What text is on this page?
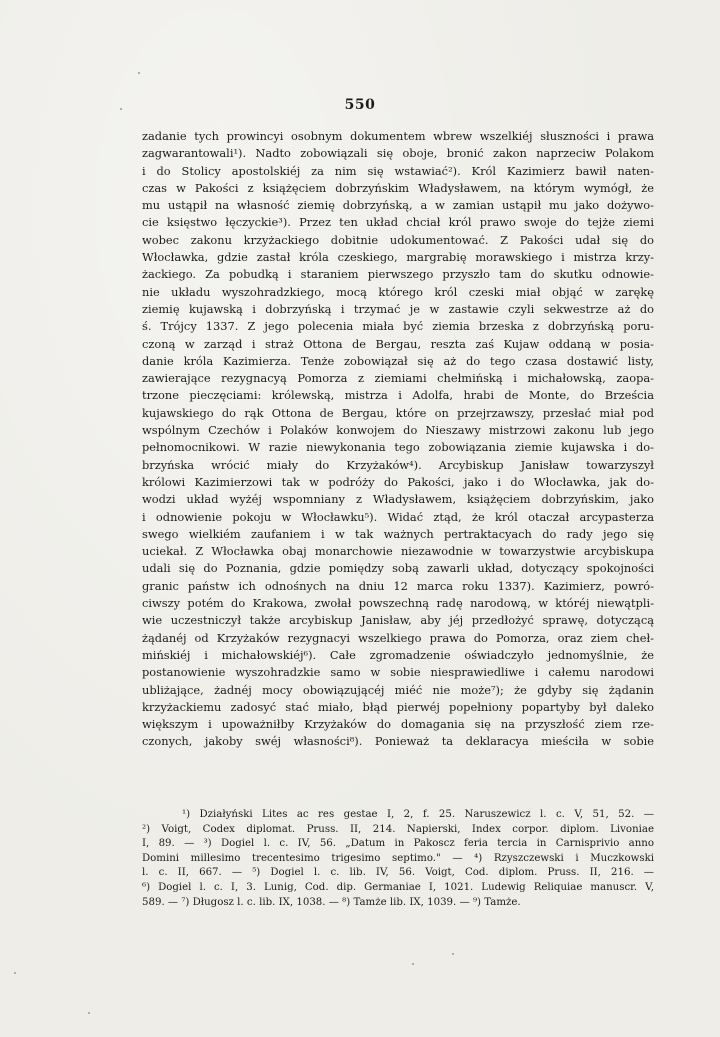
550
zadanie tych prowincyi osobnym dokumentem wbrew wszelkiéj słuszności i prawa
zagwarantowali¹). Nadto zobowiązali się oboje, bronić zakon naprzeciw Polakom
i do Stolicy apostolskiéj za nim się wstawiać²). Król Kazimierz bawił naten-
czas w Pakości z książęciem dobrzyńskim Władysławem, na którym wymógł, że
mu ustąpił na własność ziemię dobrzyńską, a w zamian ustąpił mu jako dożywo-
cie księstwo łęczyckie³). Przez ten układ chciał król prawo swoje do tejże ziemi
wobec zakonu krzyżackiego dobitnie udokumentować. Z Pakości udał się do
Włocławka, gdzie zastał króla czeskiego, margrabię morawskiego i mistrza krzy-
żackiego. Za pobudką i staraniem pierwszego przyszło tam do skutku odnowie-
nie układu wyszohradzkiego, mocą którego król czeski miał objąć w zarękę
ziemię kujawską i dobrzyńską i trzymać je w zastawie czyli sekwestrze aż do
ś. Trójcy 1337. Z jego polecenia miała być ziemia brzeska z dobrzyńską poru-
czoną w zarząd i straż Ottona de Bergau, reszta zaś Kujaw oddaną w posia-
danie króla Kazimierza. Tenże zobowiązał się aż do tego czasa dostawić listy,
zawierające rezygnacyą Pomorza z ziemiami chełmińską i michałowską, zaopa-
trzone pieczęciami: królewską, mistrza i Adolfa, hrabi de Monte, do Brześcia
kujawskiego do rąk Ottona de Bergau, które on przejrzawszy, przesłać miał pod
wspólnym Czechów i Polaków konwojem do Nieszawy mistrzowi zakonu lub jego
pełnomocnikowi. W razie niewykonania tego zobowiązania ziemie kujawska i do-
brzyńska wrócić miały do Krzyżaków⁴). Arcybiskup Janisław towarzyszył
królowi Kazimierzowi tak w podróży do Pakości, jako i do Włocławka, jak do-
wodzi układ wyżéj wspomniany z Władysławem, książęciem dobrzyńskim, jako
i odnowienie pokoju w Włocławku⁵). Widać ztąd, że król otaczał arcypasterza
swego wielkiém zaufaniem i w tak ważnych pertraktacyach do rady jego się
uciekał. Z Włocławka obaj monarchowie niezawodnie w towarzystwie arcybiskupa
udali się do Poznania, gdzie pomiędzy sobą zawarli układ, dotyczący spokojności
granic państw ich odnośnych na dniu 12 marca roku 1337). Kazimierz, powró-
ciwszy potém do Krakowa, zwołał powszechną radę narodową, w któréj niewątpli-
wie uczestniczył także arcybiskup Janisław, aby jéj przedłożyć sprawę, dotyczącą
żądanéj od Krzyżaków rezygnacyi wszelkiego prawa do Pomorza, oraz ziem cheł-
mińskiéj i michałowskiéj⁶). Całe zgromadzenie oświadczyło jednomyślnie, że
postanowienie wyszohradzkie samo w sobie niesprawiedliwe i całemu narodowi
ubliżające, żadnéj mocy obowiązującéj miéć nie może⁷); że gdyby się żądanin
krzyżackiemu zadosyć stać miało, błąd pierwéj popełniony popartyby był daleko
większym i upoważniłby Krzyżaków do domagania się na przyszłość ziem rze-
czonych, jakoby swéj własności⁸). Ponieważ ta deklaracya mieściła w sobie
¹) Działyński Lites ac res gestae I, 2, f. 25. Naruszewicz l. c. V, 51, 52. —
²) Voigt, Codex diplomat. Pruss. II, 214. Napierski, Index corpor. diplom. Livoniae
I, 89. — ³) Dogiel l. c. IV, 56. „Datum in Pakoscz feria tercia in Carnisprivio anno
Domini millesimo trecentesimo trigesimo septimo." — ⁴) Rzyszczewski i Muczkowski
l. c. II, 667. — ⁵) Dogiel l. c. lib. IV, 56. Voigt, Cod. diplom. Pruss. II, 216. —
⁶) Dogiel l. c. I, 3. Lunig, Cod. dip. Germaniae I, 1021. Ludewig Reliquiae manuscr. V,
589. — ⁷) Długosz l. c. lib. IX, 1038. — ⁸) Tamże lib. IX, 1039. — ⁹) Tamże.
